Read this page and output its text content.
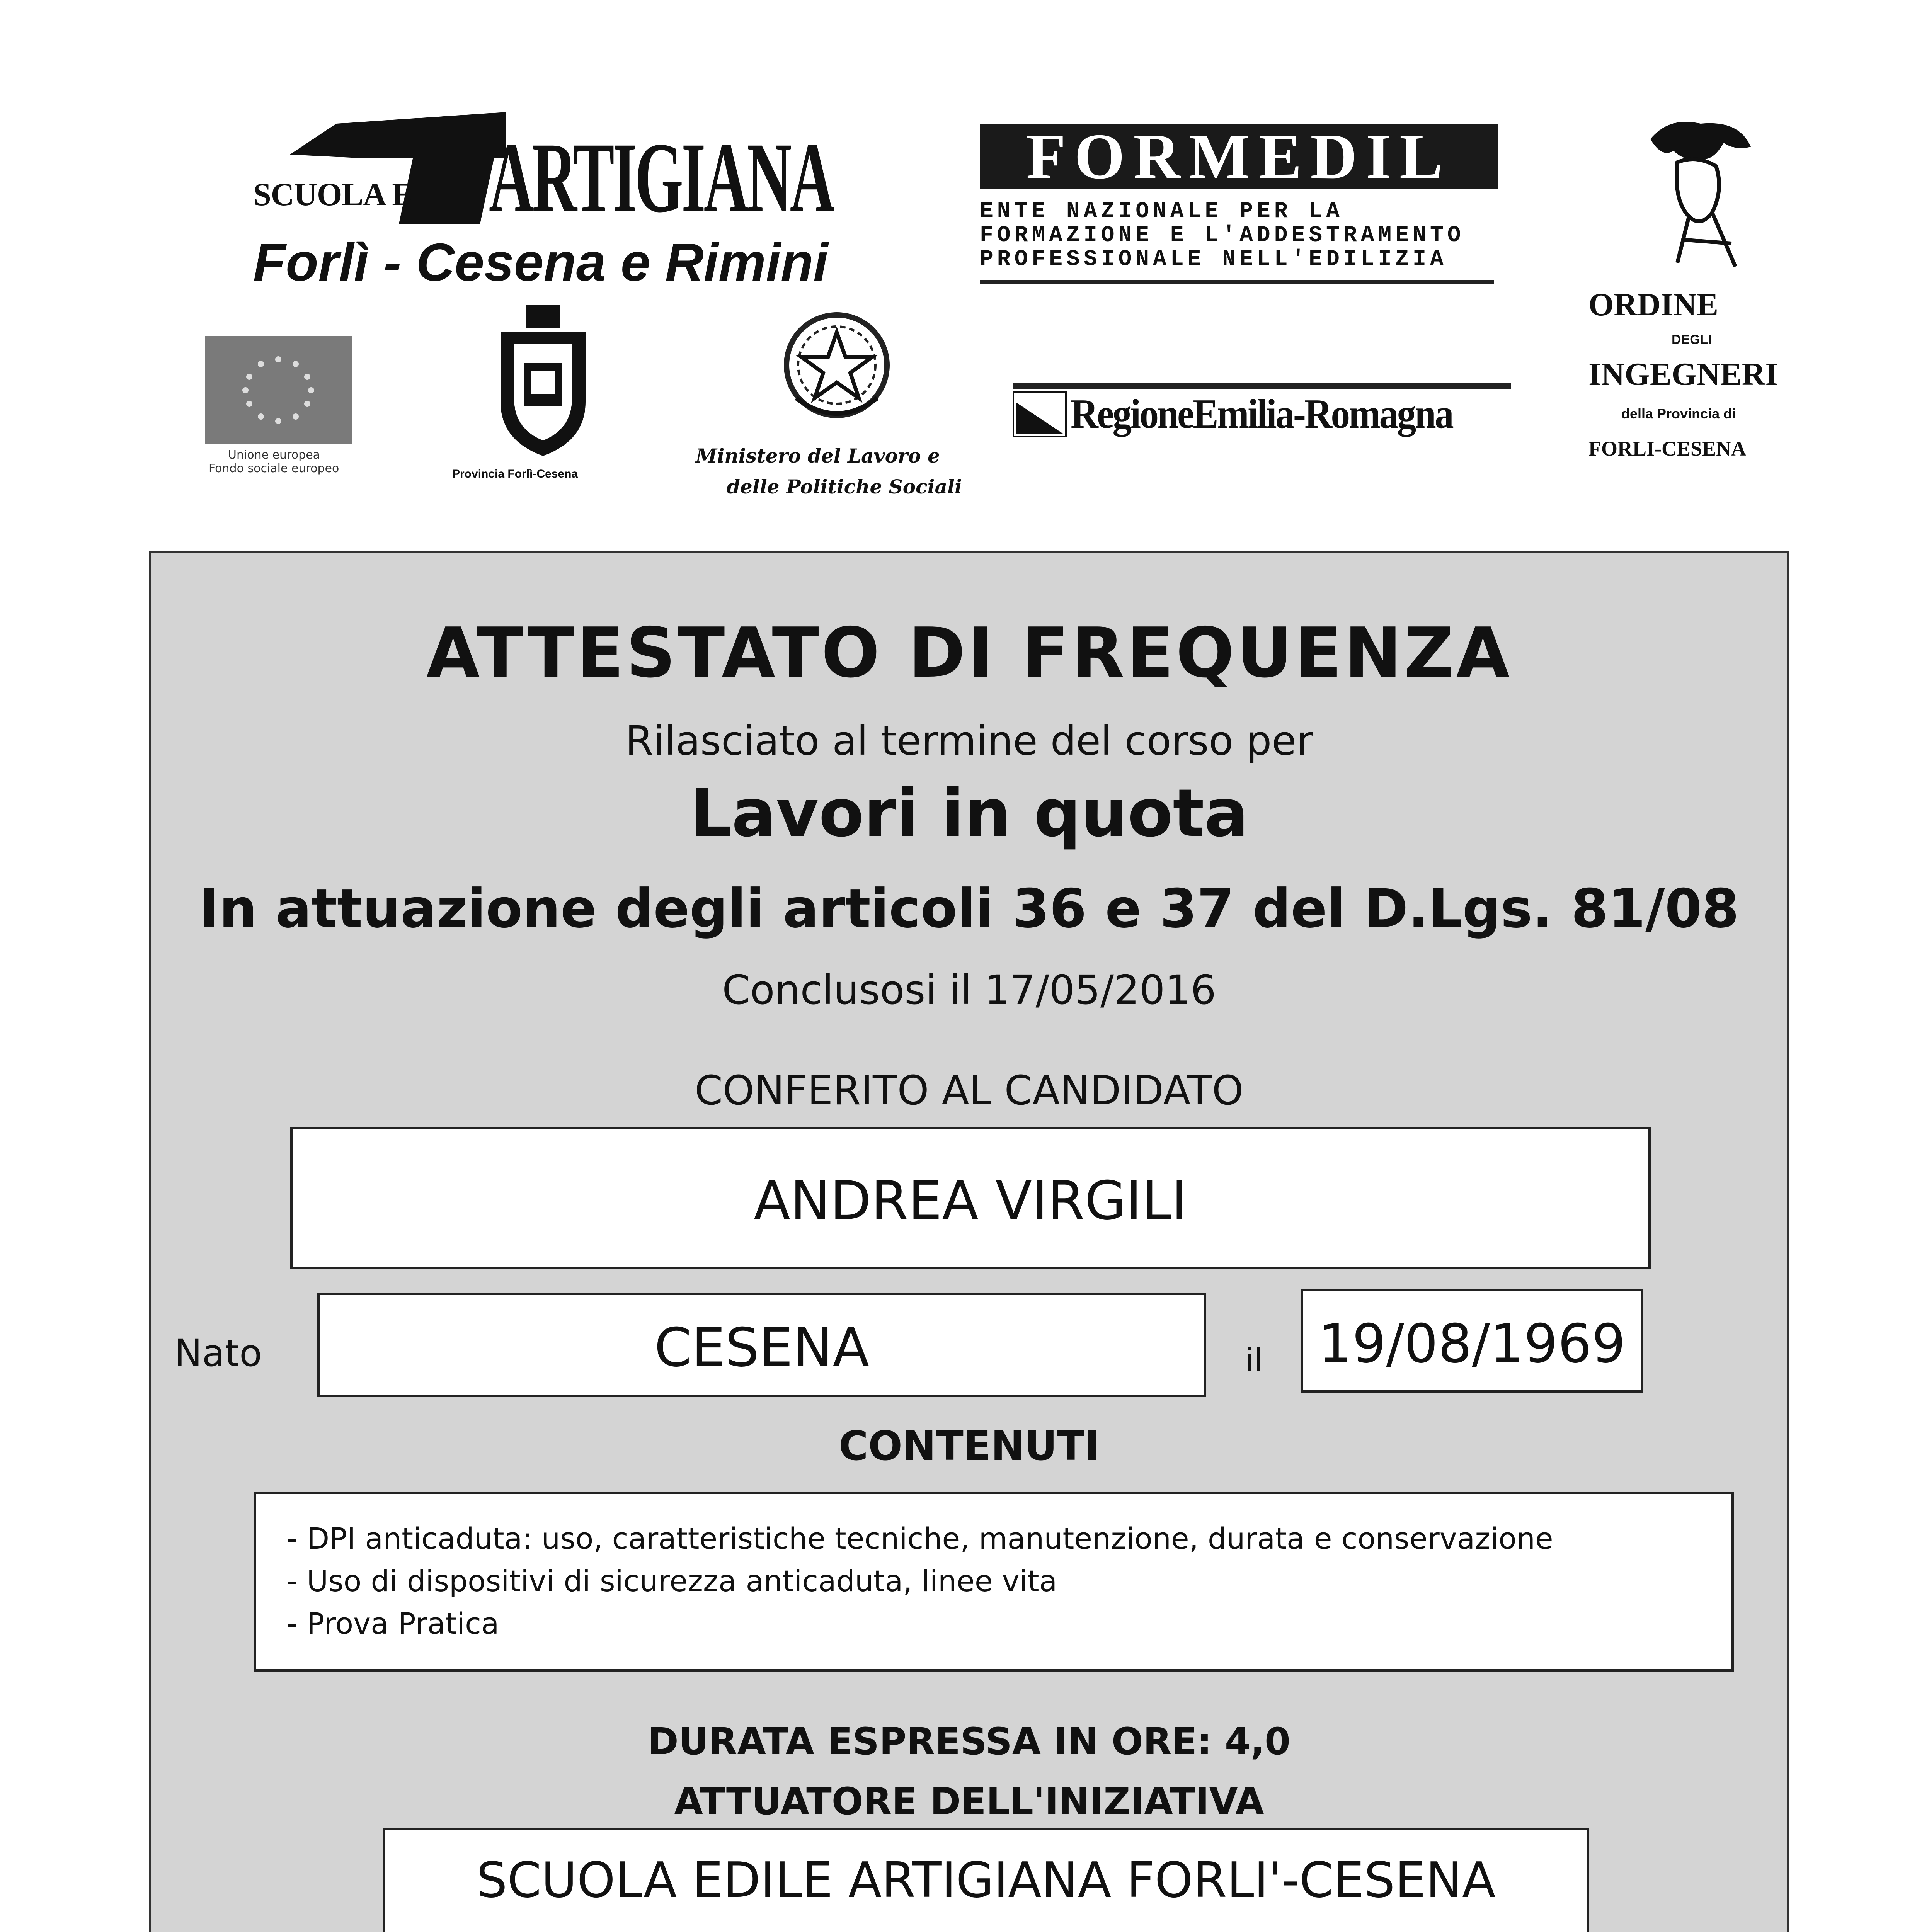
SCUOLA E ARTIGIANA
Forlì - Cesena e Rimini
FORMEDIL
ENTE NAZIONALE PER LA
FORMAZIONE E L'ADDESTRAMENTO
PROFESSIONALE NELL'EDILIZIA
ORDINE
DEGLI
INGEGNERI
della Provincia di
FORLI-CESENA
Unione europea
Fondo sociale europeo	Provincia Forlì-Cesena
Ministero del Lavoro e
delle Politiche Sociali
RegioneEmilia-Romagna
ATTESTATO DI FREQUENZA
Rilasciato al termine del corso per
Lavori in quota
In attuazione degli articoli 36 e 37 del D.Lgs. 81/08
Conclusosi il 17/05/2016
CONFERITO AL CANDIDATO
ANDREA VIRGILI
Nato	CESENA	il 19/08/1969
CONTENUTI
- DPI anticaduta: uso, caratteristiche tecniche, manutenzione, durata e conservazione
- Uso di dispositivi di sicurezza anticaduta, linee vita
- Prova Pratica
DURATA ESPRESSA IN ORE: 4,0
ATTUATORE DELL'INIZIATIVA
SCUOLA EDILE ARTIGIANA FORLI'-CESENA
